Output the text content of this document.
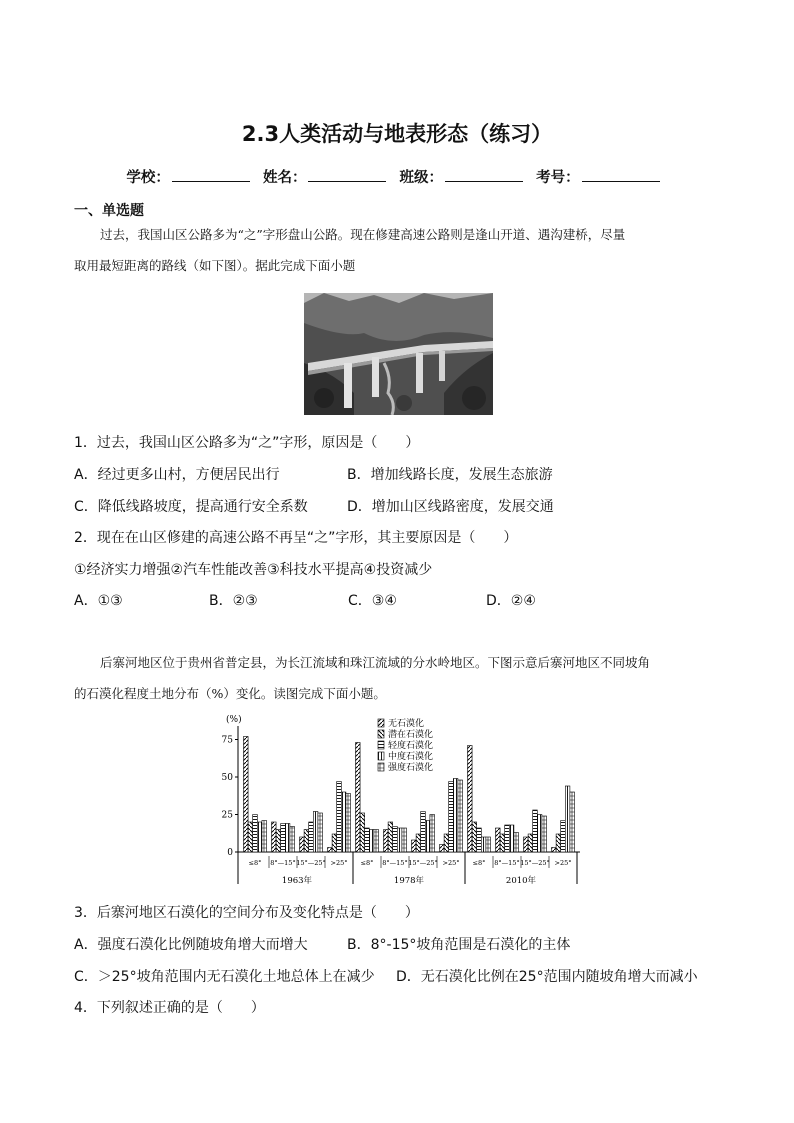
2.3人类活动与地表形态（练习）
学校：	姓名：	班级：	考号：
一、单选题
过去，我国山区公路多为“之”字形盘山公路。现在修建高速公路则是逢山开道、遇沟建桥，尽量
取用最短距离的路线（如下图）。据此完成下面小题
1．过去，我国山区公路多为“之”字形，原因是（　　）
A．经过更多山村，方便居民出行	B．增加线路长度，发展生态旅游
C．降低线路坡度，提高通行安全系数	D．增加山区线路密度，发展交通
2．现在在山区修建的高速公路不再呈“之”字形，其主要原因是（　　）
①经济实力增强②汽车性能改善③科技水平提高④投资减少
A．①③	B．②③	C．③④	D．②④
后寨河地区位于贵州省普定县，为长江流域和珠江流域的分水岭地区。下图示意后寨河地区不同坡角
的石漠化程度土地分布（%）变化。读图完成下面小题。
(%)
0
25
50
75
1963年
≤8° 8°—15° 15°—25° >25°
1978年
≤8° 8°—15° 15°—25° >25°
2010年
≤8° 8°—15° 15°—25° >25°
无石漠化
潜在石漠化
轻度石漠化
中度石漠化
强度石漠化
3．后寨河地区石漠化的空间分布及变化特点是（　　）
A．强度石漠化比例随坡角增大而增大	B．8°-15°坡角范围是石漠化的主体
C．＞25°坡角范围内无石漠化土地总体上在减少 D．无石漠化比例在25°范围内随坡角增大而减小
4．下列叙述正确的是（　　）
